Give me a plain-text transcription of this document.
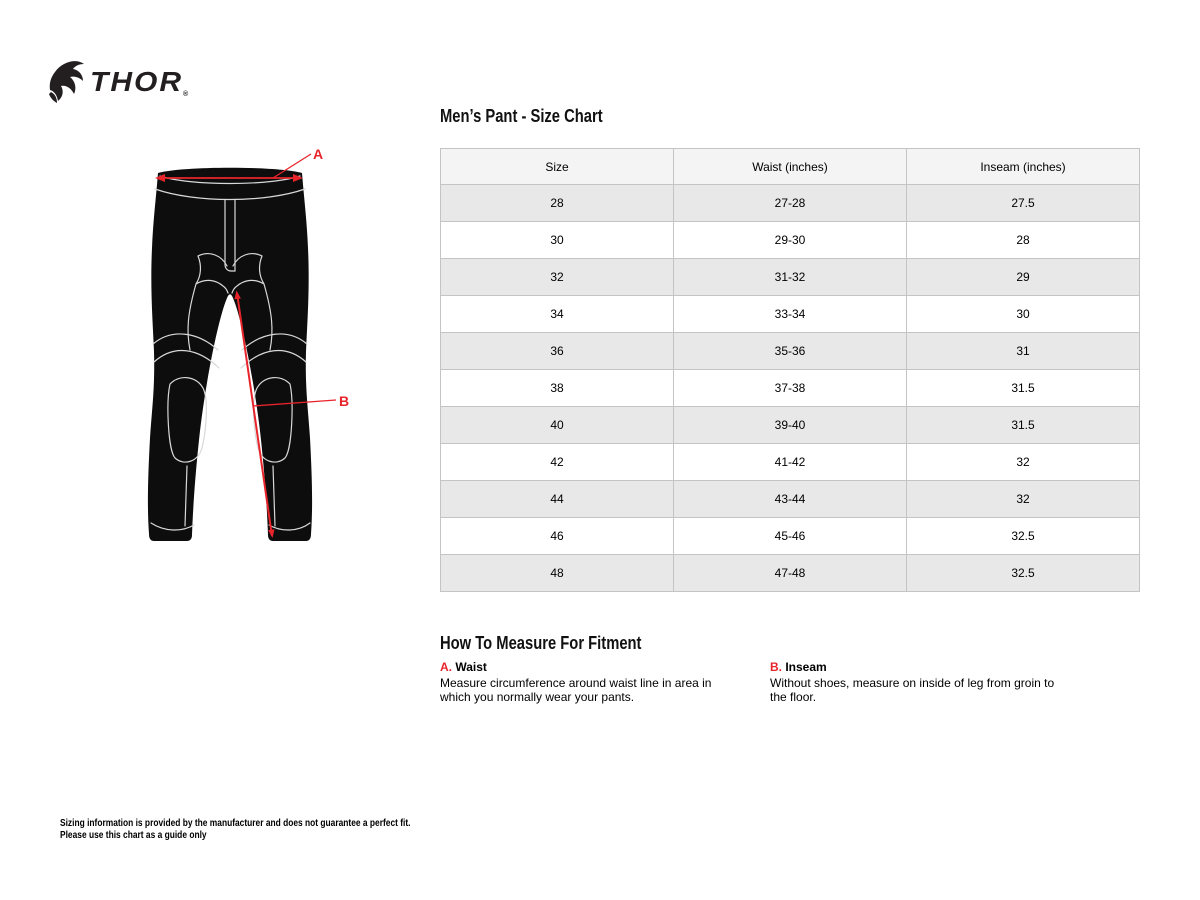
THOR ®
A
B
Men’s Pant - Size Chart
Size	Waist (inches)	Inseam (inches)
28	27-28	27.5
30	29-30	28
32	31-32	29
34	33-34	30
36	35-36	31
38	37-38	31.5
40	39-40	31.5
42	41-42	32
44	43-44	32
46	45-46	32.5
48	47-48	32.5
How To Measure For Fitment
A. Waist

Measure circumference around waist line in area in which you normally wear your pants.

B. Inseam

Without shoes, measure on inside of leg from groin to the floor.

Sizing information is provided by the manufacturer and does not guarantee a perfect fit.
Please use this chart as a guide only
